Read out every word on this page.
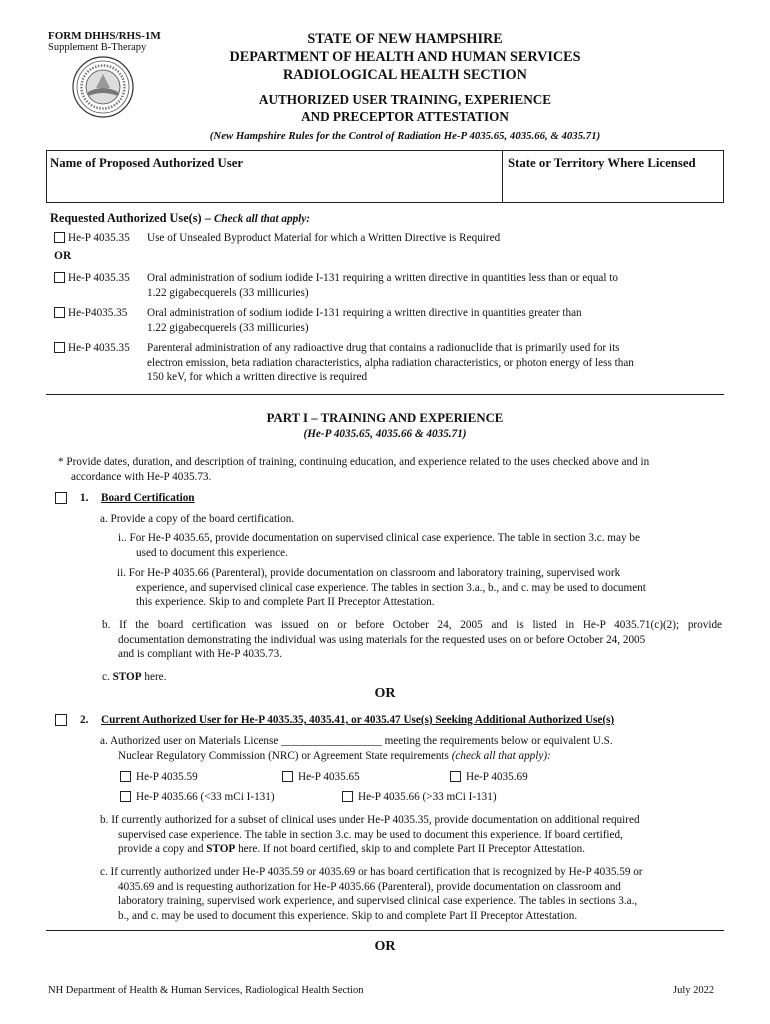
FORM DHHS/RHS-1M
Supplement B-Therapy
STATE OF NEW HAMPSHIRE
DEPARTMENT OF HEALTH AND HUMAN SERVICES
RADIOLOGICAL HEALTH SECTION
AUTHORIZED USER TRAINING, EXPERIENCE
AND PRECEPTOR ATTESTATION
(New Hampshire Rules for the Control of Radiation He-P 4035.65, 4035.66, & 4035.71)
Name of Proposed Authorized User	State or Territory Where Licensed
Requested Authorized Use(s) – Check all that apply:
He-P 4035.35 Use of Unsealed Byproduct Material for which a Written Directive is Required
OR
He-P 4035.35 Oral administration of sodium iodide I-131 requiring a written directive in quantities less than or equal to
1.22 gigabecquerels (33 millicuries)
He-P4035.35 Oral administration of sodium iodide I-131 requiring a written directive in quantities greater than
1.22 gigabecquerels (33 millicuries)
He-P 4035.35 Parenteral administration of any radioactive drug that contains a radionuclide that is primarily used for its
electron emission, beta radiation characteristics, alpha radiation characteristics, or photon energy of less than
150 keV, for which a written directive is required
PART I – TRAINING AND EXPERIENCE
(He-P 4035.65, 4035.66 & 4035.71)
* Provide dates, duration, and description of training, continuing education, and experience related to the uses checked above and in
accordance with He-P 4035.73.
1. Board Certification
a. Provide a copy of the board certification.
i.. For He-P 4035.65, provide documentation on supervised clinical case experience. The table in section 3.c. may be
used to document this experience.
ii. For He-P 4035.66 (Parenteral), provide documentation on classroom and laboratory training, supervised work
experience, and supervised clinical case experience. The tables in section 3.a., b., and c. may be used to document
this experience. Skip to and complete Part II Preceptor Attestation.
b. If the board certification was issued on or before October 24, 2005 and is listed in He-P 4035.71(c)(2); provide
documentation demonstrating the individual was using materials for the requested uses on or before October 24, 2005
and is compliant with He-P 4035.73.
c. STOP here.
OR
2. Current Authorized User for He-P 4035.35, 4035.41, or 4035.47 Use(s) Seeking Additional Authorized Use(s)
a. Authorized user on Materials License __________________ meeting the requirements below or equivalent U.S.
Nuclear Regulatory Commission (NRC) or Agreement State requirements (check all that apply):
He-P 4035.59	He-P 4035.65	He-P 4035.69
He-P 4035.66 (<33 mCi I-131)	He-P 4035.66 (>33 mCi I-131)
b. If currently authorized for a subset of clinical uses under He-P 4035.35, provide documentation on additional required
supervised case experience. The table in section 3.c. may be used to document this experience. If board certified,
provide a copy and STOP here. If not board certified, skip to and complete Part II Preceptor Attestation.
c. If currently authorized under He-P 4035.59 or 4035.69 or has board certification that is recognized by He-P 4035.59 or
4035.69 and is requesting authorization for He-P 4035.66 (Parenteral), provide documentation on classroom and
laboratory training, supervised work experience, and supervised clinical case experience. The tables in sections 3.a.,
b., and c. may be used to document this experience. Skip to and complete Part II Preceptor Attestation.
OR
NH Department of Health & Human Services, Radiological Health Section	July 2022
